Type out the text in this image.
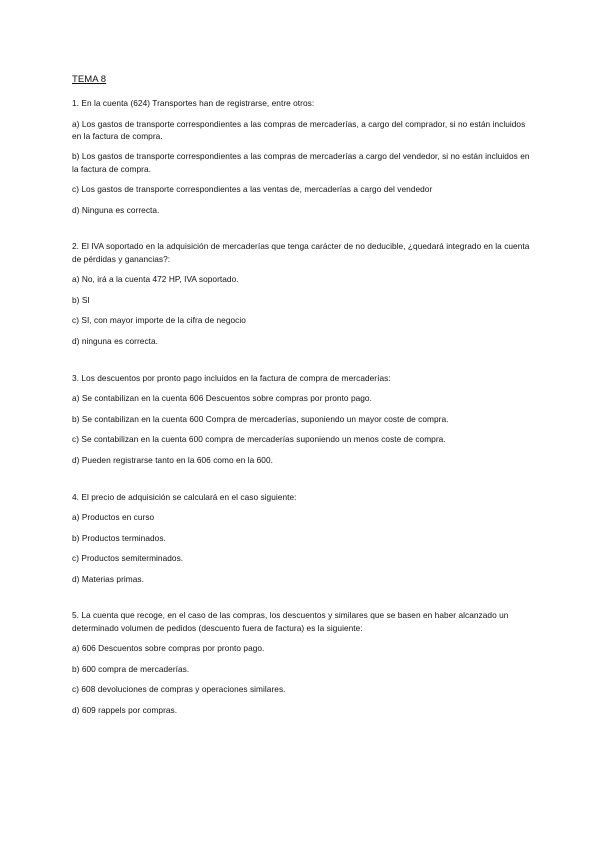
TEMA 8

1. En la cuenta (624) Transportes han de registrarse, entre otros:

a) Los gastos de transporte correspondientes a las compras de mercaderías, a cargo del comprador, si no están incluidos en la factura de compra.

b) Los gastos de transporte correspondientes a las compras de mercaderías a cargo del vendedor, si no están incluidos en la factura de compra.

c) Los gastos de transporte correspondientes a las ventas de, mercaderías a cargo del vendedor

d) Ninguna es correcta.

2. El IVA soportado en la adquisición de mercaderías que tenga carácter de no deducible, ¿quedará integrado en la cuenta de pérdidas y ganancias?:

a) No, irá a la cuenta 472 HP, IVA soportado.

b) SI

c) SI, con mayor importe de la cifra de negocio

d) ninguna es correcta.

3. Los descuentos por pronto pago incluidos en la factura de compra de mercaderías:

a) Se contabilizan en la cuenta 606 Descuentos sobre compras por pronto pago.

b) Se contabilizan en la cuenta 600 Compra de mercaderías, suponiendo un mayor coste de compra.

c) Se contabilizan en la cuenta 600 compra de mercaderías suponiendo un menos coste de compra.

d) Pueden registrarse tanto en la 606 como en la 600.

4. El precio de adquisición se calculará en el caso siguiente:

a) Productos en curso

b) Productos terminados.

c) Productos semiterminados.

d) Materias primas.

5. La cuenta que recoge, en el caso de las compras, los descuentos y similares que se basen en haber alcanzado un determinado volumen de pedidos (descuento fuera de factura) es la siguiente:

a) 606 Descuentos sobre compras por pronto pago.

b) 600 compra de mercaderías.

c) 608 devoluciones de compras y operaciones similares.

d) 609 rappels por compras.
